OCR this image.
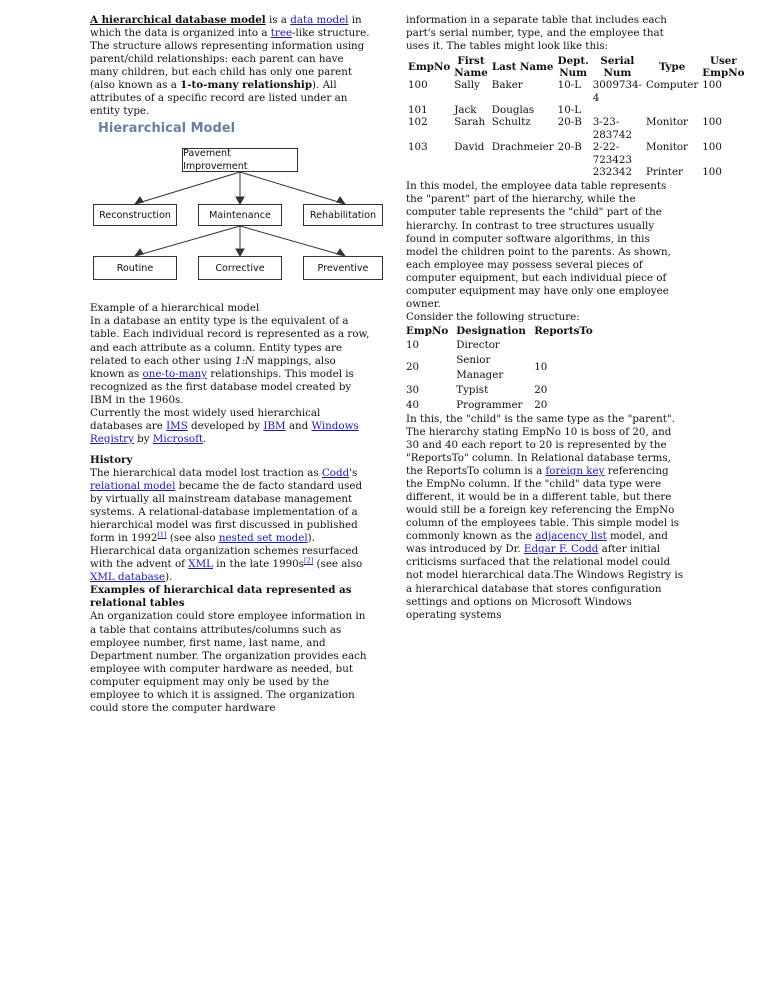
A hierarchical database model is a data model in which the data is organized into a tree-like structure. The structure allows representing information using parent/child relationships: each parent can have many children, but each child has only one parent (also known as a 1-to-many relationship). All attributes of a specific record are listed under an entity type.

Hierarchical Model
Pavement Improvement
Reconstruction	Maintenance	Rehabilitation
Routine	Corrective	Preventive

Example of a hierarchical model

In a database an entity type is the equivalent of a table. Each individual record is represented as a row, and each attribute as a column. Entity types are related to each other using 1:N mappings, also known as one-to-many relationships. This model is recognized as the first database model created by IBM in the 1960s.

Currently the most widely used hierarchical databases are IMS developed by IBM and Windows Registry by Microsoft.

History

The hierarchical data model lost traction as Codd's relational model became the de facto standard used by virtually all mainstream database management systems. A relational-database implementation of a hierarchical model was first discussed in published form in 1992[1] (see also nested set model). Hierarchical data organization schemes resurfaced with the advent of XML in the late 1990s[2] (see also XML database).

Examples of hierarchical data represented as relational tables

An organization could store employee information in a table that contains attributes/columns such as employee number, first name, last name, and Department number. The organization provides each employee with computer hardware as needed, but computer equipment may only be used by the employee to which it is assigned. The organization could store the computer hardware

information in a separate table that includes each part's serial number, type, and the employee that uses it. The tables might look like this:

EmpNo	First Name	Last Name	Dept. Num	Serial Num	Type	User EmpNo
100	Sally	Baker	10-L	3009734-4	Computer	100
101	Jack	Douglas	10-L			
102	Sarah	Schultz	20-B	3-23-283742	Monitor	100
103	David	Drachmeier	20-B	2-22-723423	Monitor	100
				232342	Printer	100

In this model, the employee data table represents the "parent" part of the hierarchy, while the computer table represents the "child" part of the hierarchy. In contrast to tree structures usually found in computer software algorithms, in this model the children point to the parents. As shown, each employee may possess several pieces of computer equipment, but each individual piece of computer equipment may have only one employee owner.

Consider the following structure:

EmpNo	Designation	ReportsTo
10	Director	
20	Senior Manager	10
30	Typist	20
40	Programmer	20

In this, the "child" is the same type as the "parent". The hierarchy stating EmpNo 10 is boss of 20, and 30 and 40 each report to 20 is represented by the "ReportsTo" column. In Relational database terms, the ReportsTo column is a foreign key referencing the EmpNo column. If the "child" data type were different, it would be in a different table, but there would still be a foreign key referencing the EmpNo column of the employees table. This simple model is commonly known as the adjacency list model, and was introduced by Dr. Edgar F. Codd after initial criticisms surfaced that the relational model could not model hierarchical data.The Windows Registry is a hierarchical database that stores configuration settings and options on Microsoft Windows operating systems
